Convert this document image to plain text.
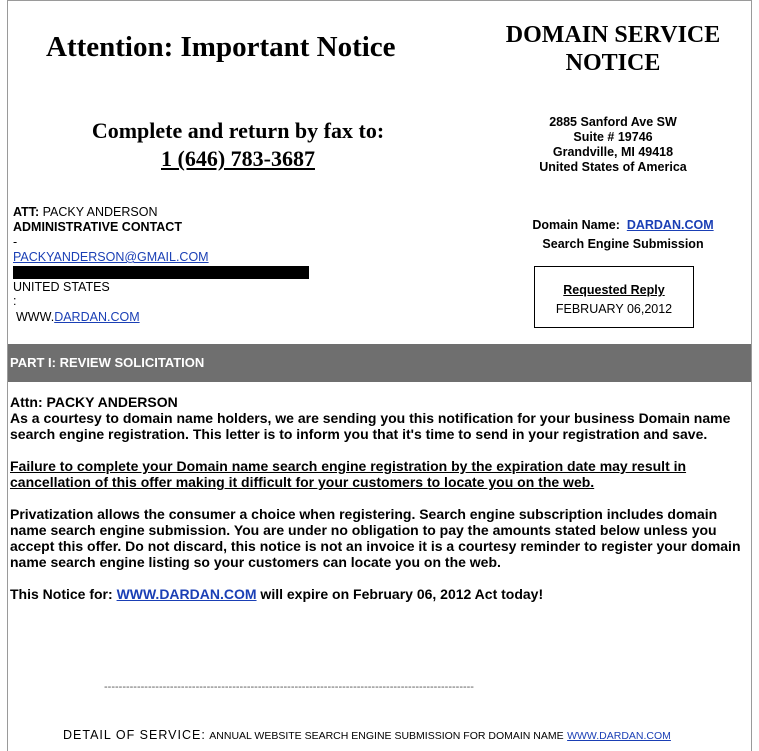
Attention: Important Notice	DOMAIN SERVICE
NOTICE
Complete and return by fax to:
1 (646) 783-3687
2885 Sanford Ave SW
Suite # 19746
Grandville, MI 49418
United States of America
ATT: PACKY ANDERSON
ADMINISTRATIVE CONTACT
-
PACKYANDERSON@GMAIL.COM
UNITED STATES
:
WWW.DARDAN.COM
Domain Name: DARDAN.COM
Search Engine Submission
Requested Reply
FEBRUARY 06,2012
PART I: REVIEW SOLICITATION
Attn: PACKY ANDERSON

As a courtesy to domain name holders, we are sending you this notification for your business Domain name search engine registration. This letter is to inform you that it's time to send in your registration and save.

Failure to complete your Domain name search engine registration by the expiration date may result in cancellation of this offer making it difficult for your customers to locate you on the web.

Privatization allows the consumer a choice when registering. Search engine subscription includes domain name search engine submission. You are under no obligation to pay the amounts stated below unless you accept this offer. Do not discard, this notice is not an invoice it is a courtesy reminder to register your domain name search engine listing so your customers can locate you on the web.

This Notice for: WWW.DARDAN.COM will expire on February 06, 2012 Act today!

-----------------------------------------------------------------------------------------------------
DETAIL OF SERVICE: ANNUAL WEBSITE SEARCH ENGINE SUBMISSION FOR DOMAIN NAME WWW.DARDAN.COM
